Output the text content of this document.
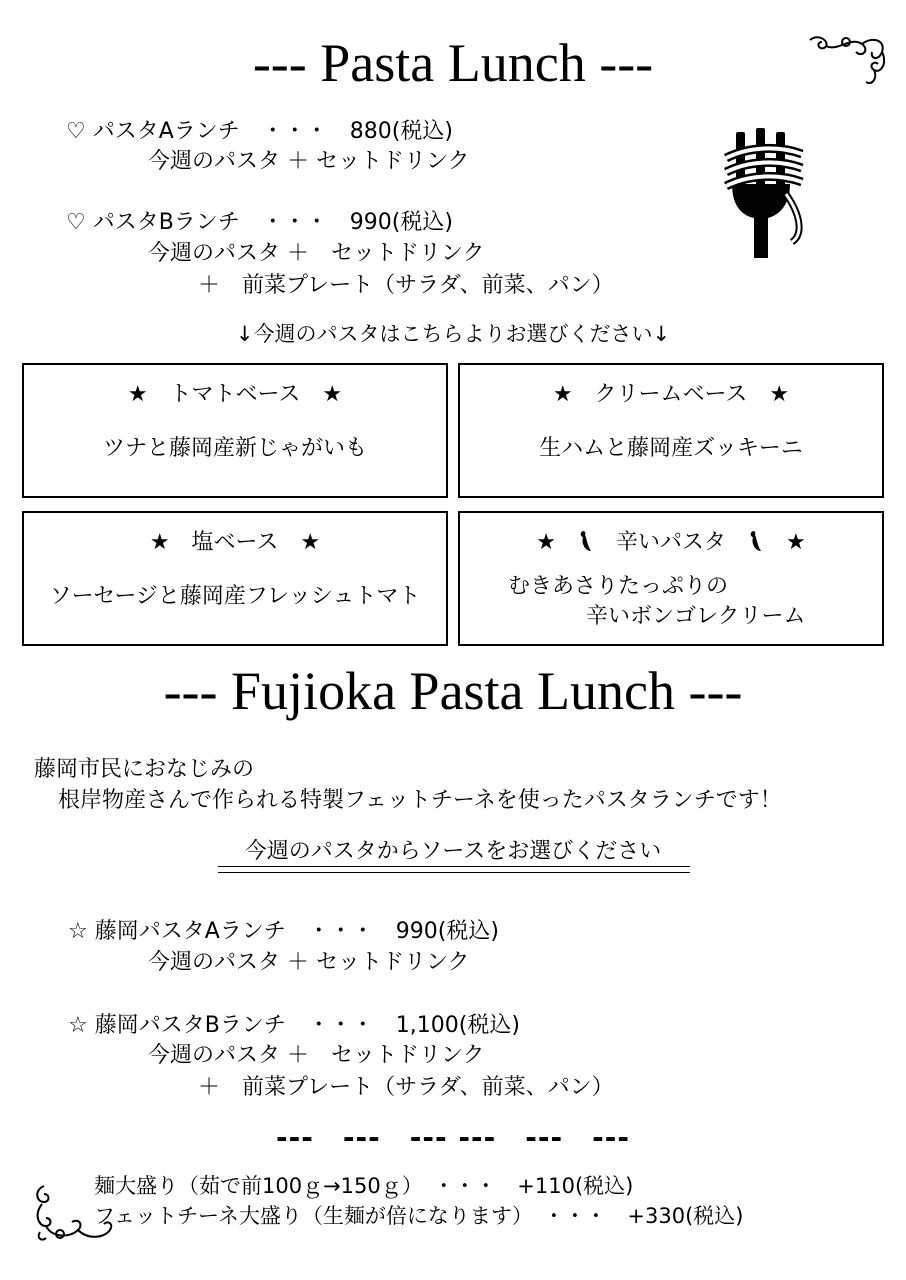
--- Pasta Lunch ---
♡ パスタAランチ　・・・　880(税込)
今週のパスタ ＋ セットドリンク
♡ パスタBランチ　・・・　990(税込)
今週のパスタ ＋　セットドリンク
＋　前菜プレート（サラダ、前菜、パン）
↓今週のパスタはこちらよりお選びください↓
★　トマトベース　★
ツナと藤岡産新じゃがいも
★　クリームベース　★
生ハムと藤岡産ズッキーニ
★　塩ベース　★
ソーセージと藤岡産フレッシュトマト
★	辛いパスタ	★
むきあさりたっぷりの
辛いボンゴレクリーム
--- Fujioka Pasta Lunch ---
藤岡市民におなじみの
根岸物産さんで作られる特製フェットチーネを使ったパスタランチです！
今週のパスタからソースをお選びください
☆ 藤岡パスタAランチ　・・・　990(税込)
今週のパスタ ＋ セットドリンク
☆ 藤岡パスタBランチ　・・・　1,100(税込)
今週のパスタ ＋　セットドリンク
＋　前菜プレート（サラダ、前菜、パン）
---　---　--- ---　---　---
麺大盛り（茹で前100ｇ→150ｇ）　・・・　+110(税込)
フェットチーネ大盛り（生麺が倍になります）　・・・　+330(税込)
